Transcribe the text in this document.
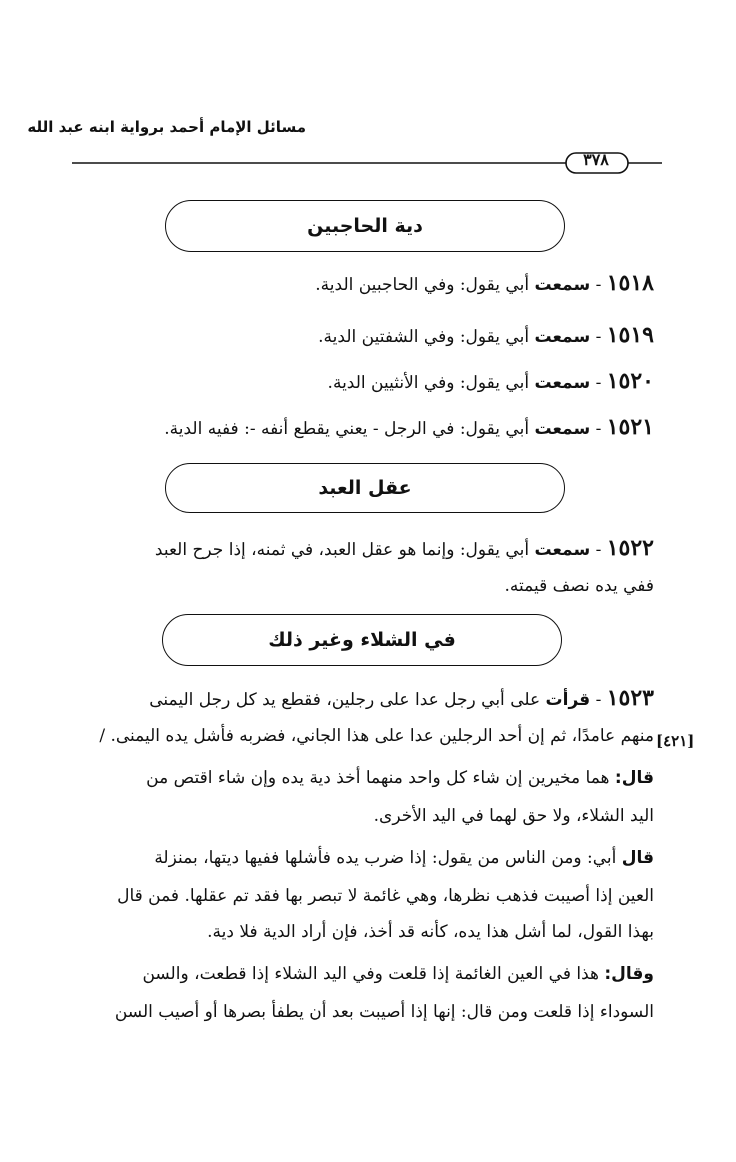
مسائل الإمام أحمد برواية ابنه عبد الله
٣٧٨
دية الحاجبين
١٥١٨ - سمعت أبي يقول: وفي الحاجبين الدية.
١٥١٩ - سمعت أبي يقول: وفي الشفتين الدية.
١٥٢٠ - سمعت أبي يقول: وفي الأنثيين الدية.
١٥٢١ - سمعت أبي يقول: في الرجل - يعني يقطع أنفه -: ففيه الدية.
عقل العبد
١٥٢٢ - سمعت أبي يقول: وإنما هو عقل العبد، في ثمنه، إذا جرح العبد
ففي يده نصف قيمته.
في الشلاء وغير ذلك
١٥٢٣ - قرأت على أبي رجل عدا على رجلين، فقطع يد كل رجل اليمنى
منهم عامدًا، ثم إن أحد الرجلين عدا على هذا الجاني، فضربه فأشل يده اليمنى. / [٤٢١]
قال: هما مخيرين إن شاء كل واحد منهما أخذ دية يده وإن شاء اقتص من
اليد الشلاء، ولا حق لهما في اليد الأخرى.
قال أبي: ومن الناس من يقول: إذا ضرب يده فأشلها ففيها ديتها، بمنزلة
العين إذا أصيبت فذهب نظرها، وهي غائمة لا تبصر بها فقد تم عقلها. فمن قال
بهذا القول، لما أشل هذا يده، كأنه قد أخذ، فإن أراد الدية فلا دية.
وقال: هذا في العين الغائمة إذا قلعت وفي اليد الشلاء إذا قطعت، والسن
السوداء إذا قلعت ومن قال: إنها إذا أصيبت بعد أن يطفأ بصرها أو أصيب السن
